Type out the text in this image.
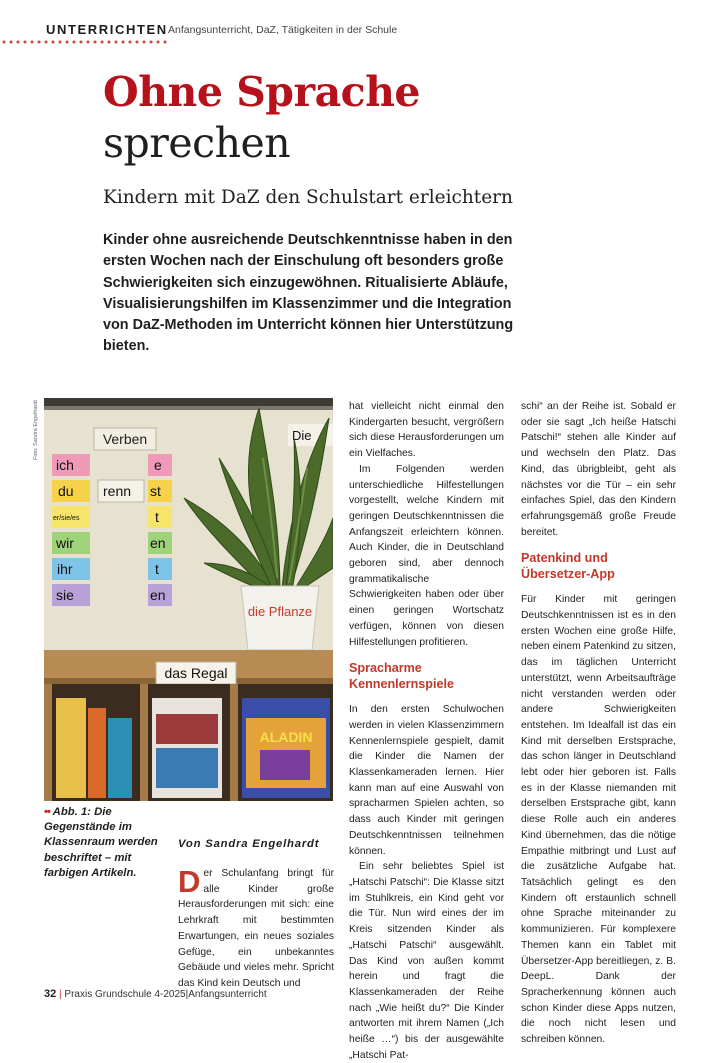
UNTERRICHTEN Anfangsunterricht, DaZ, Tätigkeiten in der Schule
Ohne Sprache
sprechen
Kindern mit DaZ den Schulstart erleichtern
Kinder ohne ausreichende Deutschkenntnisse haben in den ersten Wochen nach der Einschulung oft besonders große Schwierigkeiten sich einzugewöhnen. Ritualisierte Abläufe, Visualisierungshilfen im Klassenzimmer und die Integration von DaZ-Methoden im Unterricht können hier Unterstützung bieten.
Foto: Sandra Engelhardt	Verben
ich
du
er/sie/es
wir
ihr
sie
renn
e
st
t
en
t
en
Die
die Pflanze
das Regal
ALADIN
•• Abb. 1: Die Gegenstände im Klassenraum werden beschriftet – mit farbigen Artikeln.
Von Sandra Engelhardt

Der Schulanfang bringt für alle Kinder große Herausforderungen mit sich: eine Lehrkraft mit bestimmten Erwartungen, ein neues soziales Gefüge, ein unbekanntes Gebäude und vieles mehr. Spricht das Kind kein Deutsch und

hat vielleicht nicht einmal den Kindergarten besucht, vergrößern sich diese Herausforderungen um ein Vielfaches.

Im Folgenden werden unterschiedliche Hilfestellungen vorgestellt, welche Kindern mit geringen Deutschkenntnissen die Anfangszeit erleichtern können. Auch Kinder, die in Deutschland geboren sind, aber dennoch grammatikalische Schwierigkeiten haben oder über einen geringen Wortschatz verfügen, können von diesen Hilfestellungen profitieren.

Spracharme Kennenlernspiele

In den ersten Schulwochen werden in vielen Klassenzimmern Kennenlernspiele gespielt, damit die Kinder die Namen der Klassenkameraden lernen. Hier kann man auf eine Auswahl von spracharmen Spielen achten, so dass auch Kinder mit geringen Deutschkenntnissen teilnehmen können.

Ein sehr beliebtes Spiel ist „Hatschi Patschi“: Die Klasse sitzt im Stuhlkreis, ein Kind geht vor die Tür. Nun wird eines der im Kreis sitzenden Kinder als „Hatschi Patschi“ ausgewählt. Das Kind von außen kommt herein und fragt die Klassenkameraden der Reihe nach „Wie heißt du?“ Die Kinder antworten mit ihrem Namen („Ich heiße …“) bis der ausgewählte „Hatschi Pat-

schi“ an der Reihe ist. Sobald er oder sie sagt „Ich heiße Hatschi Patschi!“ stehen alle Kinder auf und wechseln den Platz. Das Kind, das übrigbleibt, geht als nächstes vor die Tür – ein sehr einfaches Spiel, das den Kindern erfahrungsgemäß große Freude bereitet.

Patenkind und Übersetzer-App

Für Kinder mit geringen Deutschkenntnissen ist es in den ersten Wochen eine große Hilfe, neben einem Patenkind zu sitzen, das im täglichen Unterricht unterstützt, wenn Arbeitsaufträge nicht verstanden werden oder andere Schwierigkeiten entstehen. Im Idealfall ist das ein Kind mit derselben Erstsprache, das schon länger in Deutschland lebt oder hier geboren ist. Falls es in der Klasse niemanden mit derselben Erstsprache gibt, kann diese Rolle auch ein anderes Kind übernehmen, das die nötige Empathie mitbringt und Lust auf die zusätzliche Aufgabe hat. Tatsächlich gelingt es den Kindern oft erstaunlich schnell ohne Sprache miteinander zu kommunizieren. Für komplexere Themen kann ein Tablet mit Übersetzer-App bereitliegen, z. B. DeepL. Dank der Spracherkennung können auch schon Kinder diese Apps nutzen, die noch nicht lesen und schreiben können.

32 | Praxis Grundschule 4-2025|Anfangsunterricht
